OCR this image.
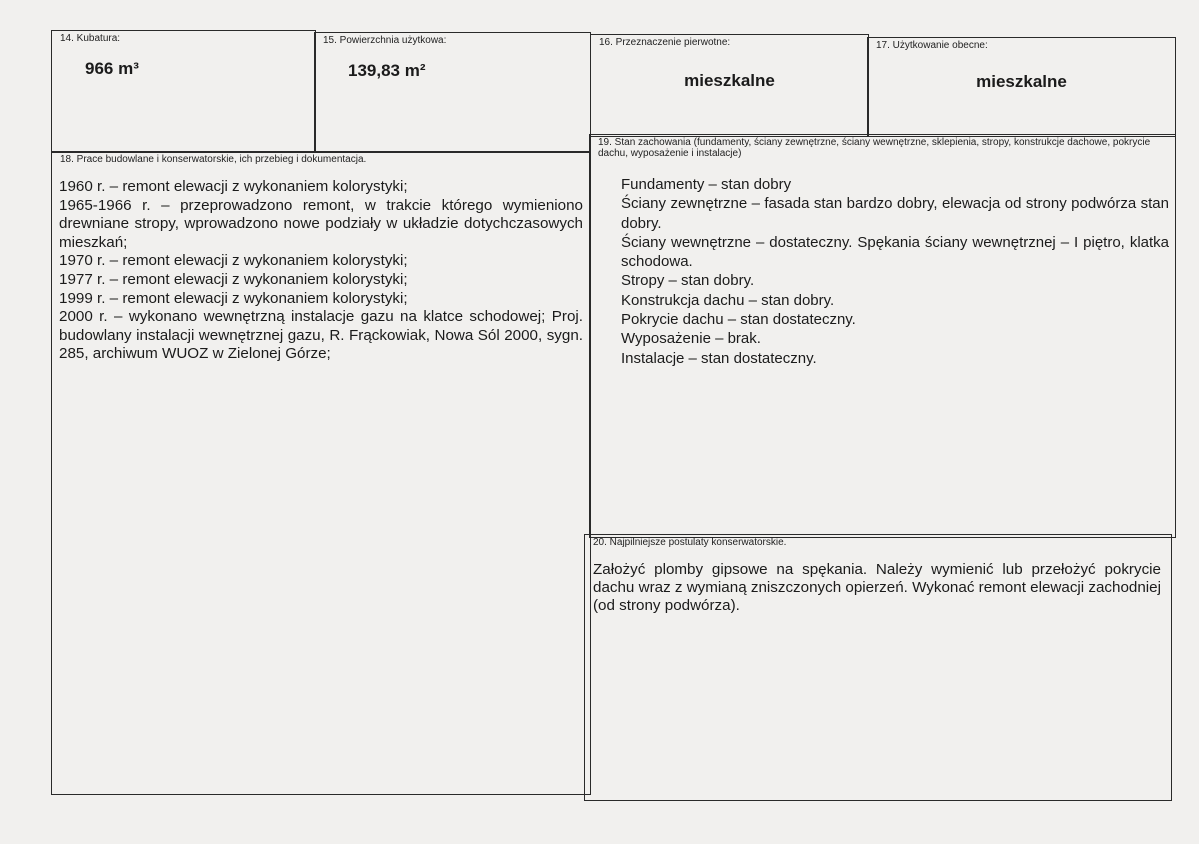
14. Kubatura:
966 m³
15. Powierzchnia użytkowa:
139,83 m²
16. Przeznaczenie pierwotne:
mieszkalne
17. Użytkowanie obecne:
mieszkalne
18. Prace budowlane i konserwatorskie, ich przebieg i dokumentacja.

1960 r. – remont elewacji z wykonaniem kolorystyki;

1965-1966 r. – przeprowadzono remont, w trakcie którego wymieniono drewniane stropy, wprowadzono nowe podziały w układzie dotychczasowych mieszkań;

1970 r. – remont elewacji z wykonaniem kolorystyki;

1977 r. – remont elewacji z wykonaniem kolorystyki;

1999 r. – remont elewacji z wykonaniem kolorystyki;

2000 r. – wykonano wewnętrzną instalacje gazu na klatce schodowej; Proj. budowlany instalacji wewnętrznej gazu, R. Frąckowiak, Nowa Sól 2000, sygn. 285, archiwum WUOZ w Zielonej Górze;

19. Stan zachowania (fundamenty, ściany zewnętrzne, ściany wewnętrzne, sklepienia, stropy, konstrukcje dachowe, pokrycie dachu, wyposażenie i instalacje)

Fundamenty – stan dobry

Ściany zewnętrzne – fasada stan bardzo dobry, elewacja od strony podwórza stan dobry.

Ściany wewnętrzne – dostateczny. Spękania ściany wewnętrznej – I piętro, klatka schodowa.

Stropy – stan dobry.

Konstrukcja dachu – stan dobry.

Pokrycie dachu – stan dostateczny.

Wyposażenie – brak.

Instalacje – stan dostateczny.

20. Najpilniejsze postulaty konserwatorskie.
Założyć plomby gipsowe na spękania. Należy wymienić lub przełożyć pokrycie dachu wraz z wymianą zniszczonych opierzeń. Wykonać remont elewacji zachodniej (od strony podwórza).
